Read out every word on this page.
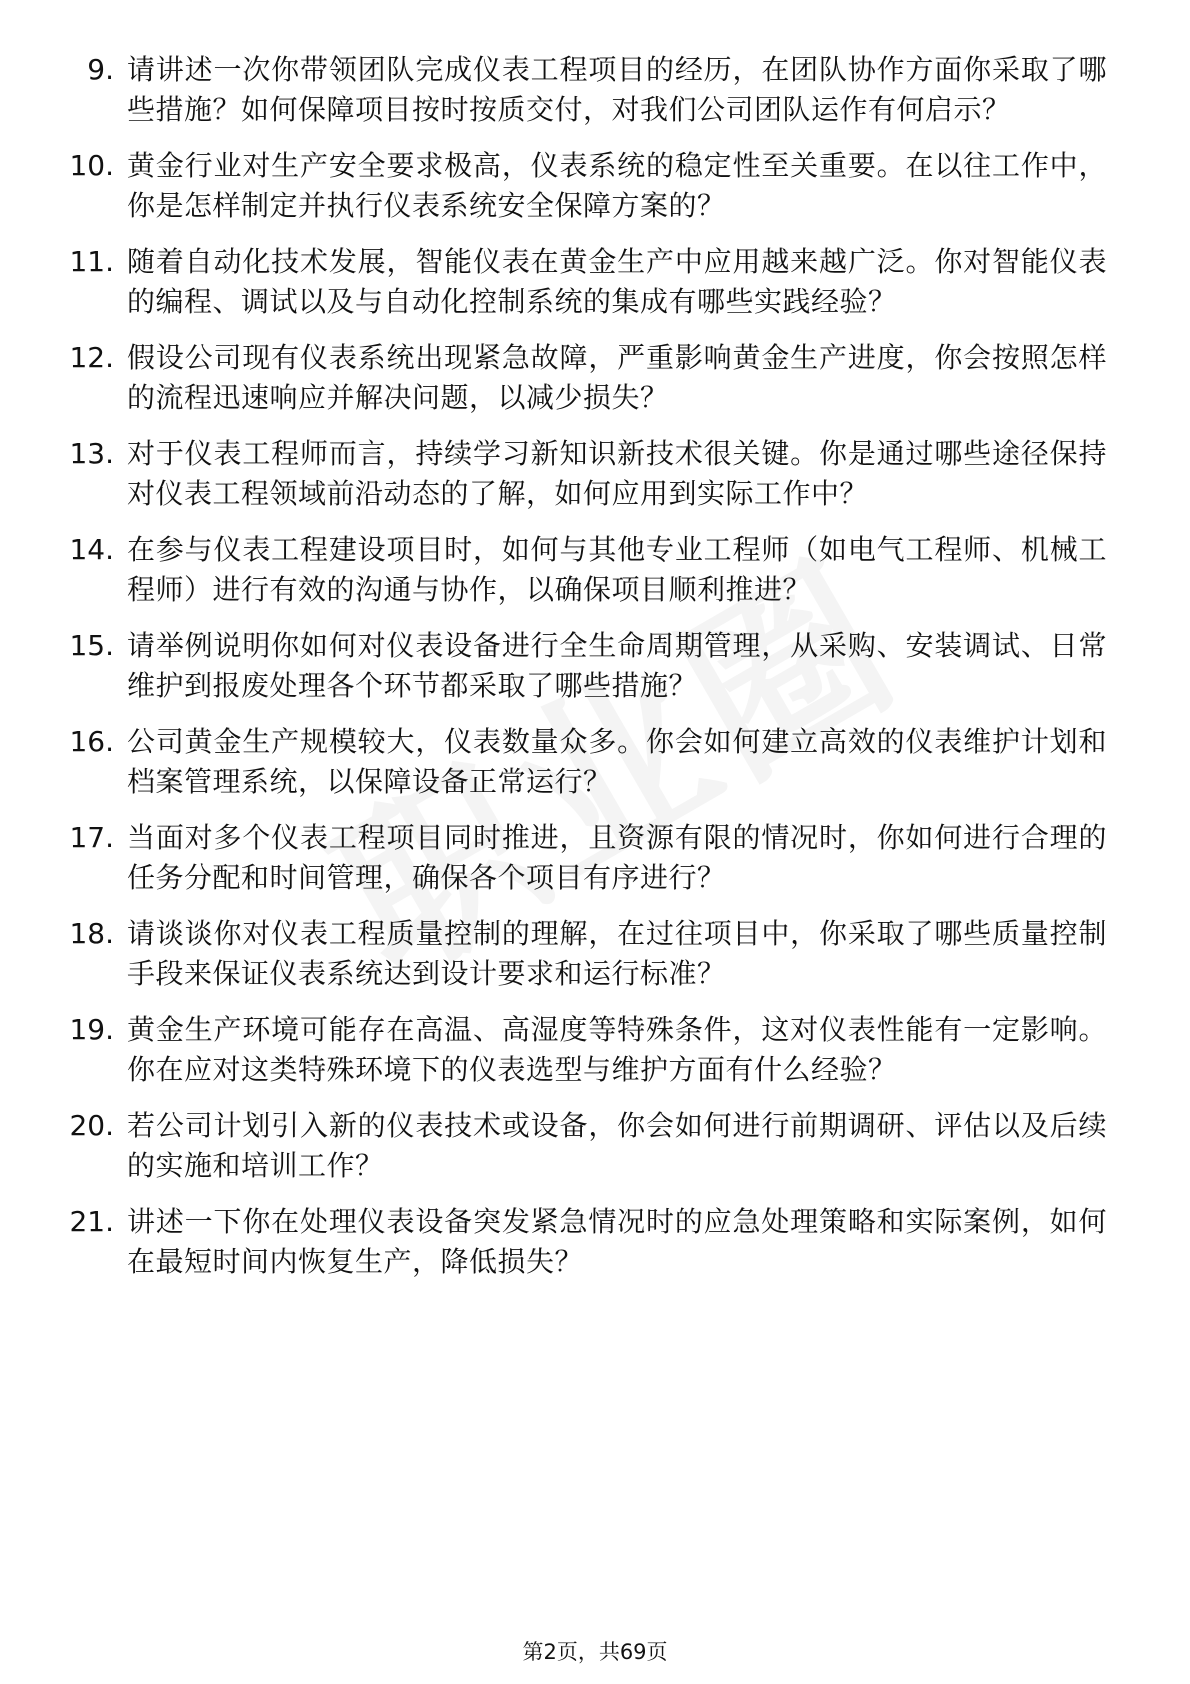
9. 请讲述一次你带领团队完成仪表工程项目的经历，在团队协作方面你采取了哪些措施？如何保障项目按时按质交付，对我们公司团队运作有何启示？
10. 黄金行业对生产安全要求极高，仪表系统的稳定性至关重要。在以往工作中，你是怎样制定并执行仪表系统安全保障方案的？
11. 随着自动化技术发展，智能仪表在黄金生产中应用越来越广泛。你对智能仪表的编程、调试以及与自动化控制系统的集成有哪些实践经验？
12. 假设公司现有仪表系统出现紧急故障，严重影响黄金生产进度，你会按照怎样的流程迅速响应并解决问题，以减少损失？
13. 对于仪表工程师而言，持续学习新知识新技术很关键。你是通过哪些途径保持对仪表工程领域前沿动态的了解，如何应用到实际工作中？
14. 在参与仪表工程建设项目时，如何与其他专业工程师（如电气工程师、机械工程师）进行有效的沟通与协作，以确保项目顺利推进？
15. 请举例说明你如何对仪表设备进行全生命周期管理，从采购、安装调试、日常维护到报废处理各个环节都采取了哪些措施？
16. 公司黄金生产规模较大，仪表数量众多。你会如何建立高效的仪表维护计划和档案管理系统，以保障设备正常运行？
17. 当面对多个仪表工程项目同时推进，且资源有限的情况时，你如何进行合理的任务分配和时间管理，确保各个项目有序进行？
18. 请谈谈你对仪表工程质量控制的理解，在过往项目中，你采取了哪些质量控制手段来保证仪表系统达到设计要求和运行标准？
19. 黄金生产环境可能存在高温、高湿度等特殊条件，这对仪表性能有一定影响。你在应对这类特殊环境下的仪表选型与维护方面有什么经验？
20. 若公司计划引入新的仪表技术或设备，你会如何进行前期调研、评估以及后续的实施和培训工作？
21. 讲述一下你在处理仪表设备突发紧急情况时的应急处理策略和实际案例，如何在最短时间内恢复生产，降低损失？
第2页，共69页
